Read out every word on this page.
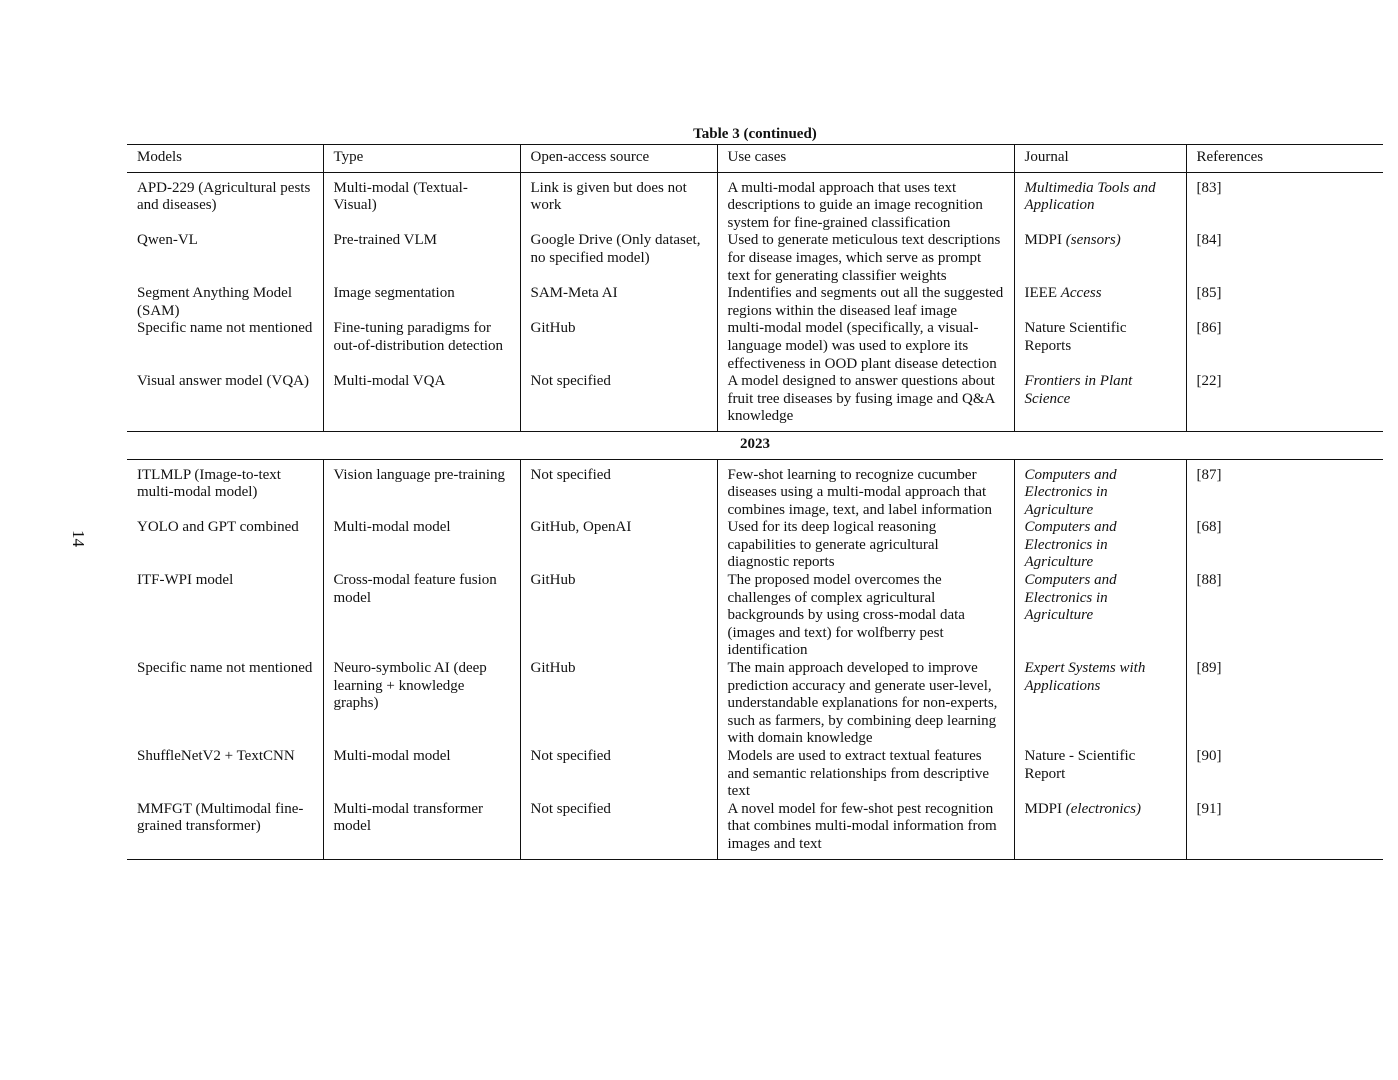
14
Table 3 (continued)
Models	Type	Open-access source	Use cases	Journal	References
APD-229 (Agricultural pests and diseases)	Multi-modal (Textual-Visual)	Link is given but does not work	A multi-modal approach that uses text descriptions to guide an image recognition system for fine-grained classification	Multimedia Tools and Application	[83]
Qwen-VL	Pre-trained VLM	Google Drive (Only dataset, no specified model)	Used to generate meticulous text descriptions for disease images, which serve as prompt text for generating classifier weights	MDPI (sensors)	[84]
Segment Anything Model (SAM)	Image segmentation	SAM-Meta AI	Indentifies and segments out all the suggested regions within the diseased leaf image	IEEE Access	[85]
Specific name not mentioned	Fine-tuning paradigms for out-of-distribution detection	GitHub	multi-modal model (specifically, a visual-language model) was used to explore its effectiveness in OOD plant disease detection	Nature Scientific Reports	[86]
Visual answer model (VQA)	Multi-modal VQA	Not specified	A model designed to answer questions about fruit tree diseases by fusing image and Q&A knowledge	Frontiers in Plant Science	[22]
2023					
ITLMLP (Image-to-text multi-modal model)	Vision language pre-training	Not specified	Few-shot learning to recognize cucumber diseases using a multi-modal approach that combines image, text, and label information	Computers and Electronics in Agriculture	[87]
YOLO and GPT combined	Multi-modal model	GitHub, OpenAI	Used for its deep logical reasoning capabilities to generate agricultural diagnostic reports	Computers and Electronics in Agriculture	[68]
ITF-WPI model	Cross-modal feature fusion model	GitHub	The proposed model overcomes the challenges of complex agricultural backgrounds by using cross-modal data (images and text) for wolfberry pest identification	Computers and Electronics in Agriculture	[88]
Specific name not mentioned	Neuro-symbolic AI (deep learning + knowledge graphs)	GitHub	The main approach developed to improve prediction accuracy and generate user-level, understandable explanations for non-experts, such as farmers, by combining deep learning with domain knowledge	Expert Systems with Applications	[89]
ShuffleNetV2 + TextCNN	Multi-modal model	Not specified	Models are used to extract textual features and semantic relationships from descriptive text	Nature - Scientific Report	[90]
MMFGT (Multimodal fine-grained transformer)	Multi-modal transformer model	Not specified	A novel model for few-shot pest recognition that combines multi-modal information from images and text	MDPI (electronics)	[91]
